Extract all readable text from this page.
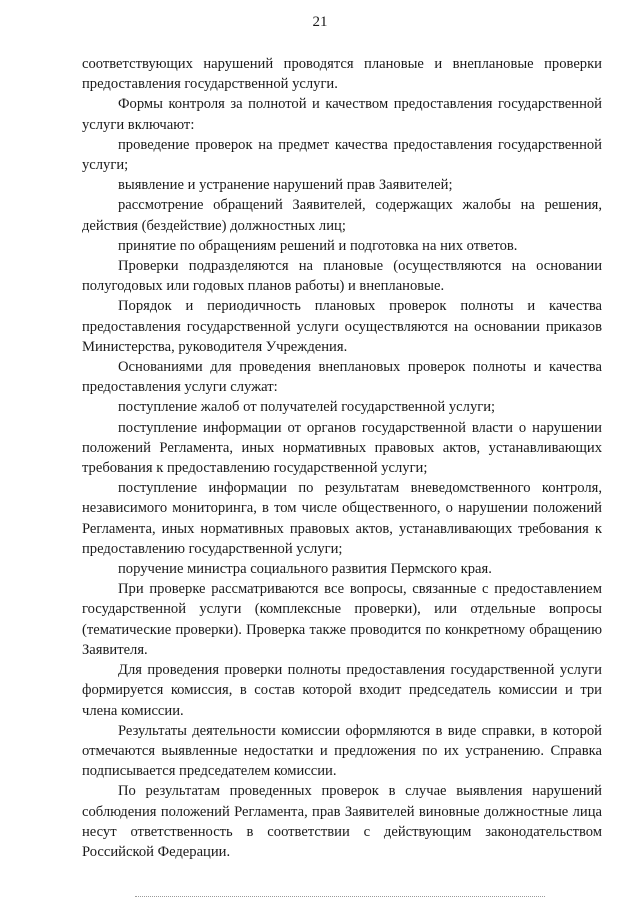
21

соответствующих нарушений проводятся плановые и внеплановые проверки предоставления государственной услуги.

Формы контроля за полнотой и качеством предоставления государственной услуги включают:

проведение проверок на предмет качества предоставления государственной услуги;

выявление и устранение нарушений прав Заявителей;

рассмотрение обращений Заявителей, содержащих жалобы на решения, действия (бездействие) должностных лиц;

принятие по обращениям решений и подготовка на них ответов.

Проверки подразделяются на плановые (осуществляются на основании полугодовых или годовых планов работы) и внеплановые.

Порядок и периодичность плановых проверок полноты и качества предоставления государственной услуги осуществляются на основании приказов Министерства, руководителя Учреждения.

Основаниями для проведения внеплановых проверок полноты и качества предоставления услуги служат:

поступление жалоб от получателей государственной услуги;

поступление информации от органов государственной власти о нарушении положений Регламента, иных нормативных правовых актов, устанавливающих требования к предоставлению государственной услуги;

поступление информации по результатам вневедомственного контроля, независимого мониторинга, в том числе общественного, о нарушении положений Регламента, иных нормативных правовых актов, устанавливающих требования к предоставлению государственной услуги;

поручение министра социального развития Пермского края.

При проверке рассматриваются все вопросы, связанные с предоставлением государственной услуги (комплексные проверки), или отдельные вопросы (тематические проверки). Проверка также проводится по конкретному обращению Заявителя.

Для проведения проверки полноты предоставления государственной услуги формируется комиссия, в состав которой входит председатель комиссии и три члена комиссии.

Результаты деятельности комиссии оформляются в виде справки, в которой отмечаются выявленные недостатки и предложения по их устранению. Справка подписывается председателем комиссии.

По результатам проведенных проверок в случае выявления нарушений соблюдения положений Регламента, прав Заявителей виновные должностные лица несут ответственность в соответствии с действующим законодательством Российской Федерации.
